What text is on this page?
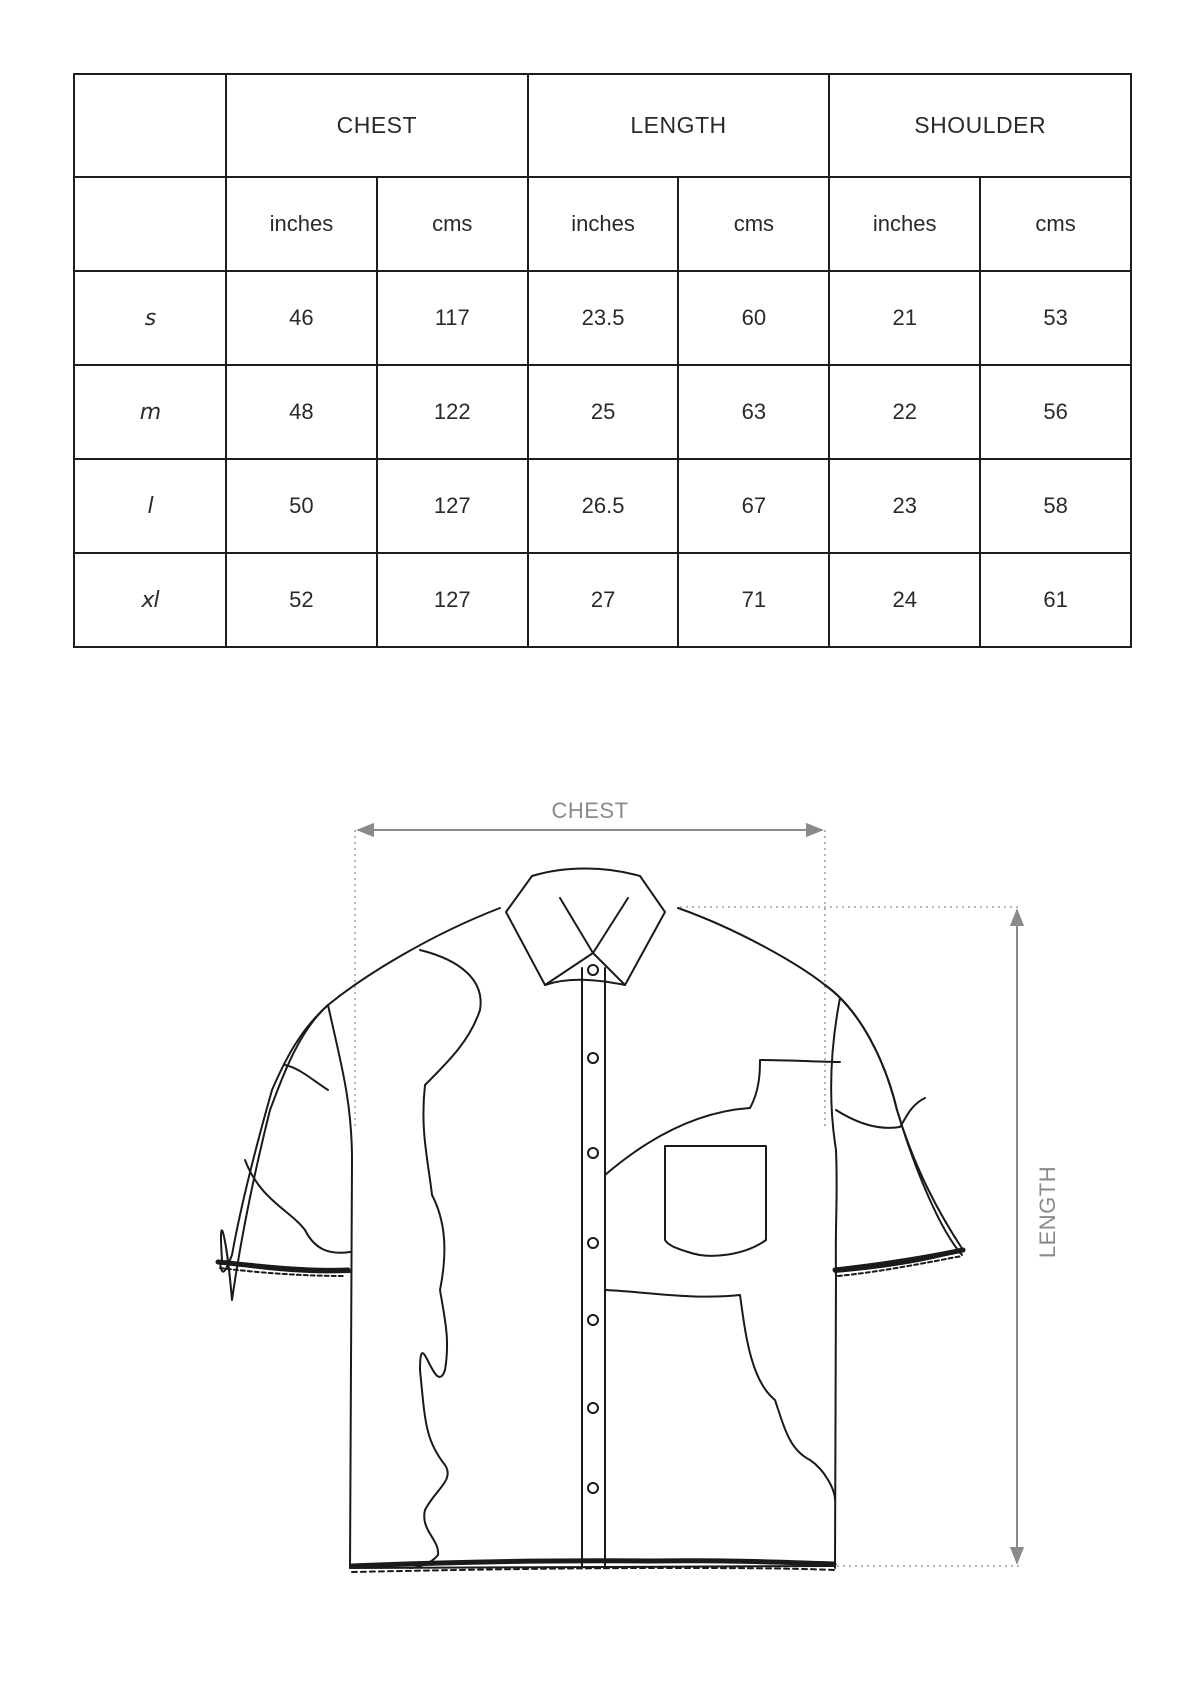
	CHEST		LENGTH		SHOULDER	
	inches	cms	inches	cms	inches	cms
s	46	117	23.5	60	21	53
m	48	122	25	63	22	56
l	50	127	26.5	67	23	58
xl	52	127	27	71	24	61
CHEST
LENGTH
